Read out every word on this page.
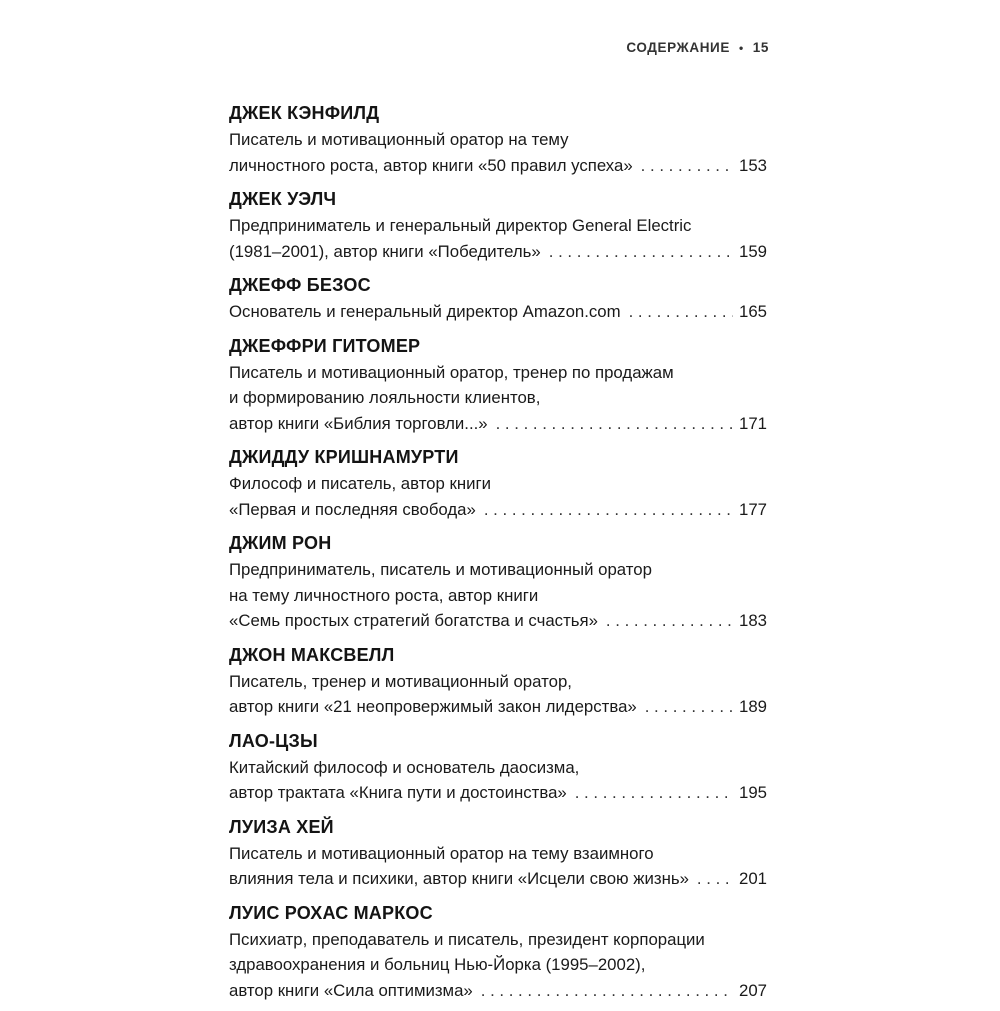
СОДЕРЖАНИЕ • 15
ДЖЕК КЭНФИЛД
Писатель и мотивационный оратор на тему
личностного роста, автор книги «50 правил успеха» . . .	153
ДЖЕК УЭЛЧ
Предприниматель и генеральный директор General Electric
(1981–2001), автор книги «Победитель» . . .	159
ДЖЕФФ БЕЗОС
Основатель и генеральный директор Amazon.com . . .	165
ДЖЕФФРИ ГИТОМЕР
Писатель и мотивационный оратор, тренер по продажам
и формированию лояльности клиентов,
автор книги «Библия торговли...» . . .	171
ДЖИДДУ КРИШНАМУРТИ
Философ и писатель, автор книги
«Первая и последняя свобода» . . .	177
ДЖИМ РОН
Предприниматель, писатель и мотивационный оратор
на тему личностного роста, автор книги
«Семь простых стратегий богатства и счастья» . . .	183
ДЖОН МАКСВЕЛЛ
Писатель, тренер и мотивационный оратор,
автор книги «21 неопровержимый закон лидерства» . . .	189
ЛАО-ЦЗЫ
Китайский философ и основатель даосизма,
автор трактата «Книга пути и достоинства» . . .	195
ЛУИЗА ХЕЙ
Писатель и мотивационный оратор на тему взаимного
влияния тела и психики, автор книги «Исцели свою жизнь» . . .	201
ЛУИС РОХАС МАРКОС
Психиатр, преподаватель и писатель, президент корпорации
здравоохранения и больниц Нью-Йорка (1995–2002),
автор книги «Сила оптимизма» . . .	207
